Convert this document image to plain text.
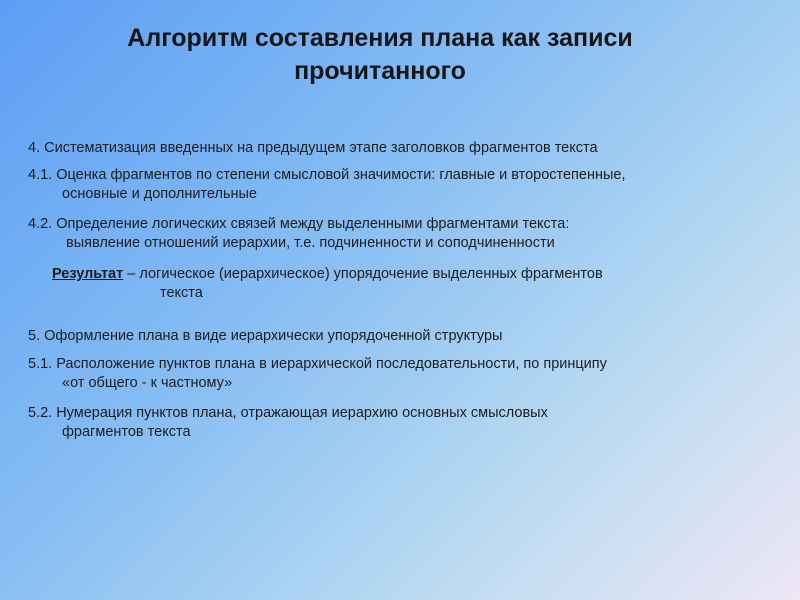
Алгоритм составления плана как записи
прочитанного
4. Систематизация введенных на предыдущем этапе заголовков фрагментов текста
4.1. Оценка фрагментов по степени смысловой значимости: главные и второстепенные,
основные и дополнительные
4.2. Определение логических связей между выделенными фрагментами текста:
выявление отношений иерархии, т.е. подчиненности и соподчиненности
Результат – логическое (иерархическое) упорядочение выделенных фрагментов
текста
5. Оформление плана в виде иерархически упорядоченной структуры
5.1. Расположение пунктов плана в иерархической последовательности, по принципу
«от общего - к частному»
5.2. Нумерация пунктов плана, отражающая иерархию основных смысловых
фрагментов текста
